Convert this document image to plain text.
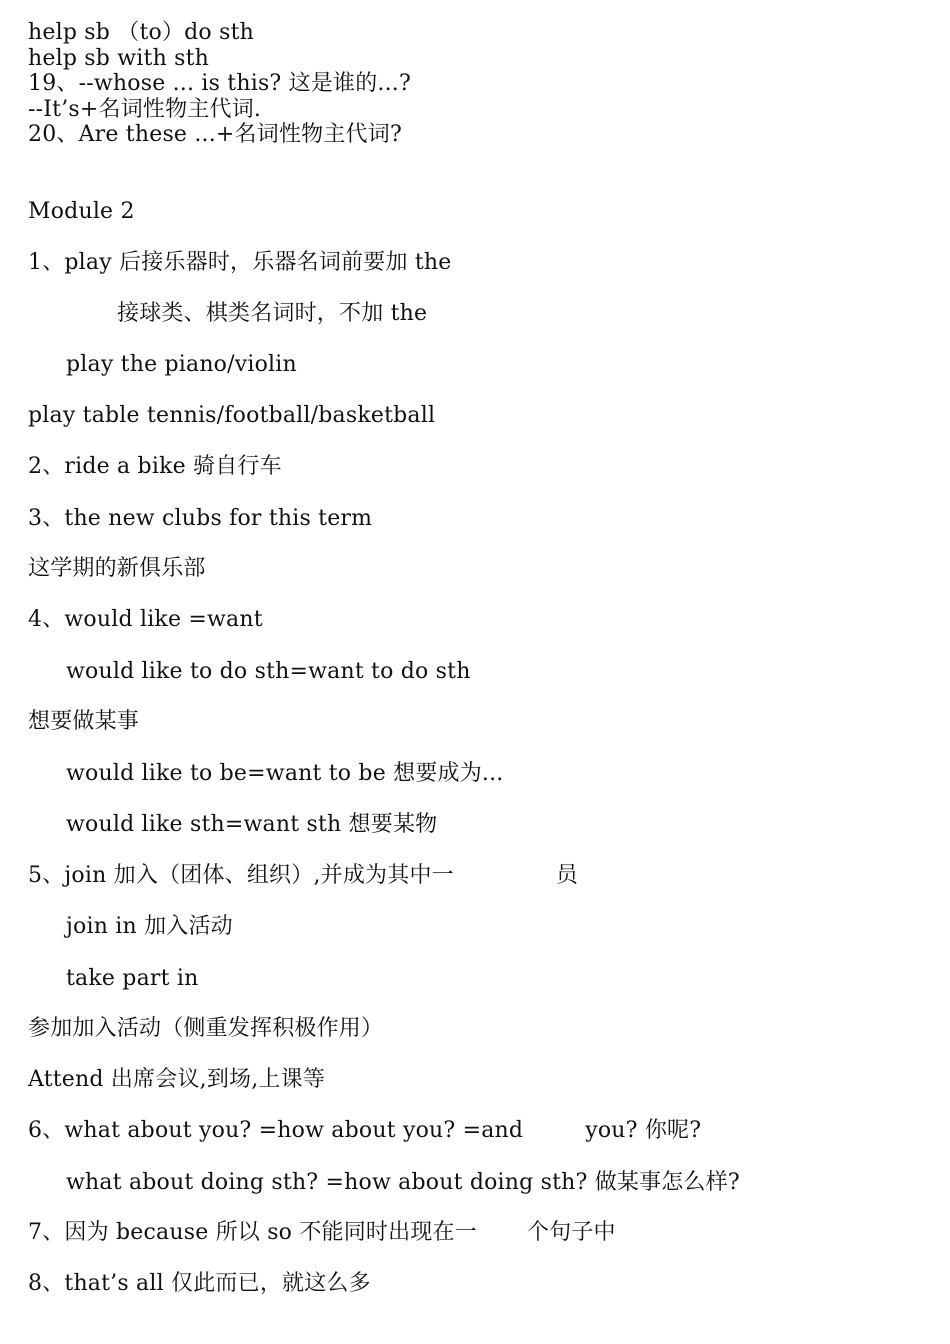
help sb （to）do sth
help sb with sth
19、--whose ... is this? 这是谁的...?
--It’s+名词性物主代词.
20、Are these ...+名词性物主代词?
Module 2
1、play 后接乐器时，乐器名词前要加 the
接球类、棋类名词时，不加 the
play the piano/violin
play table tennis/football/basketball
2、ride a bike 骑自行车
3、the new clubs for this term
这学期的新俱乐部
4、would like =want
would like to do sth=want to do sth
想要做某事
would like to be=want to be 想要成为...
would like sth=want sth 想要某物
5、join 加入（团体、组织）,并成为其中一	员
join in 加入活动
take part in
参加加入活动（侧重发挥积极作用）
Attend 出席会议,到场,上课等
6、what about you? =how about you? =and	you? 你呢?
what about doing sth? =how about doing sth? 做某事怎么样?
7、因为 because 所以 so 不能同时出现在一 个句子中
8、that’s all 仅此而已，就这么多
